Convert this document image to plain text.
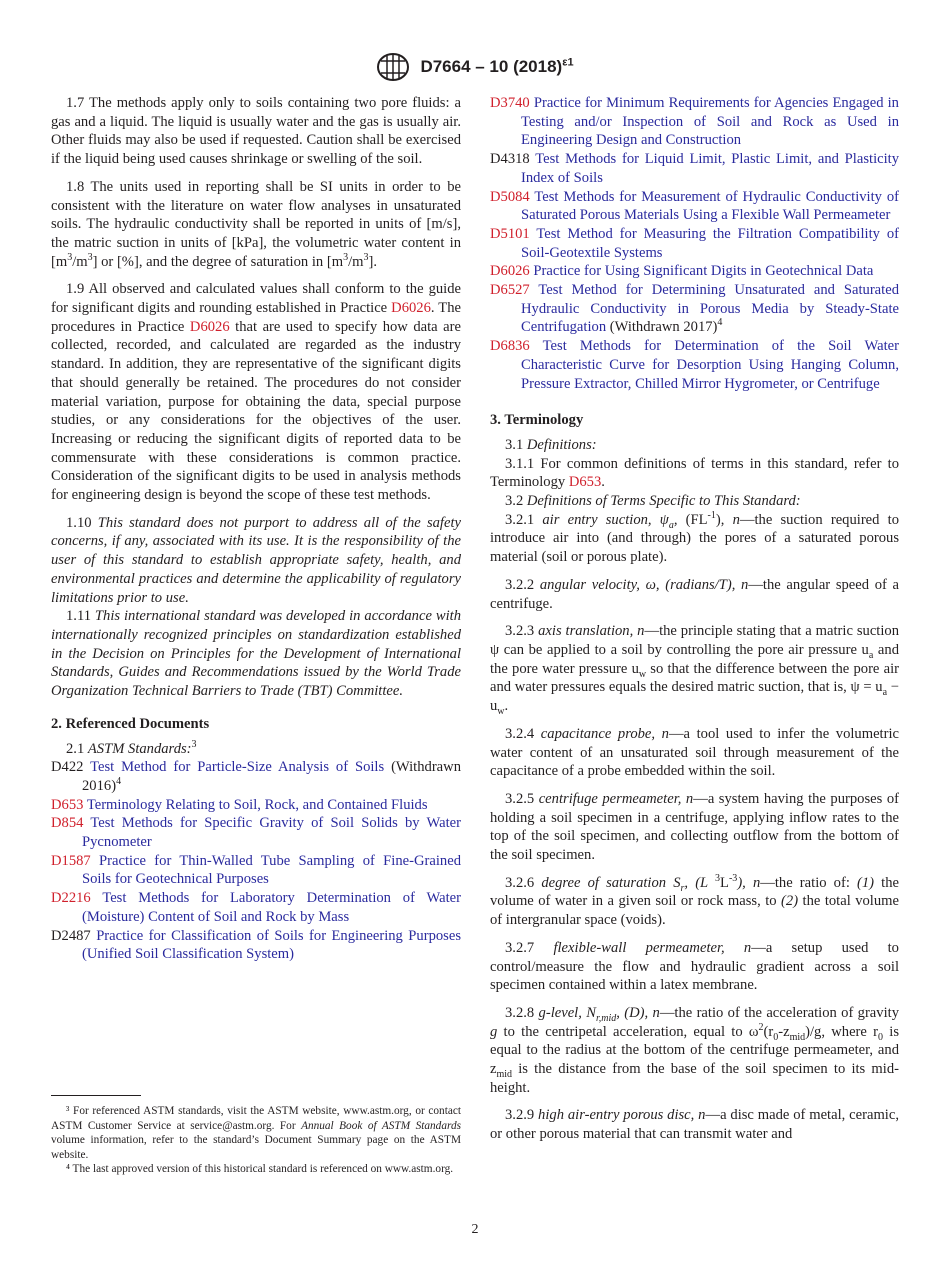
D7664 – 10 $(2018)^{\varepsilon 1}$

1.7 The methods apply only to soils containing two pore fluids: a gas and a liquid. The liquid is usually water and the gas is usually air. Other fluids may also be used if requested. Caution shall be exercised if the liquid being used causes shrinkage or swelling of the soil.

1.8 The units used in reporting shall be SI units in order to be consistent with the literature on water flow analyses in unsaturated soils. The hydraulic conductivity shall be reported in units of [m/s], the matric suction in units of [kPa], the volumetric water content in $[m^3/m^3]$ or [%], and the degree of saturation in $[m^3/m^3]$.

1.9 All observed and calculated values shall conform to the guide for significant digits and rounding established in Practice D6026. The procedures in Practice D6026 that are used to specify how data are collected, recorded, and calculated are regarded as the industry standard. In addition, they are representative of the significant digits that should generally be retained. The procedures do not consider material variation, purpose for obtaining the data, special purpose studies, or any considerations for the objectives of the user. Increasing or reducing the significant digits of reported data to be commensurate with these considerations is common practice. Consideration of the significant digits to be used in analysis methods for engineering design is beyond the scope of these test methods.

1.10 This standard does not purport to address all of the safety concerns, if any, associated with its use. It is the responsibility of the user of this standard to establish appropriate safety, health, and environmental practices and determine the applicability of regulatory limitations prior to use.

1.11 This international standard was developed in accordance with internationally recognized principles on standardization established in the Decision on Principles for the Development of International Standards, Guides and Recommendations issued by the World Trade Organization Technical Barriers to Trade (TBT) Committee.

2. Referenced Documents

2.1 ASTM Standards:$^3$

D422 Test Method for Particle-Size Analysis of Soils (Withdrawn 2016)$^4$

D653 Terminology Relating to Soil, Rock, and Contained Fluids

D854 Test Methods for Specific Gravity of Soil Solids by Water Pycnometer

D1587 Practice for Thin-Walled Tube Sampling of Fine-Grained Soils for Geotechnical Purposes

D2216 Test Methods for Laboratory Determination of Water (Moisture) Content of Soil and Rock by Mass

D2487 Practice for Classification of Soils for Engineering Purposes (Unified Soil Classification System)

³ For referenced ASTM standards, visit the ASTM website, www.astm.org, or contact ASTM Customer Service at service@astm.org. For Annual Book of ASTM Standards volume information, refer to the standard’s Document Summary page on the ASTM website.

⁴ The last approved version of this historical standard is referenced on www.astm.org.

D3740 Practice for Minimum Requirements for Agencies Engaged in Testing and/or Inspection of Soil and Rock as Used in Engineering Design and Construction

D4318 Test Methods for Liquid Limit, Plastic Limit, and Plasticity Index of Soils

D5084 Test Methods for Measurement of Hydraulic Conductivity of Saturated Porous Materials Using a Flexible Wall Permeameter

D5101 Test Method for Measuring the Filtration Compatibility of Soil-Geotextile Systems

D6026 Practice for Using Significant Digits in Geotechnical Data

D6527 Test Method for Determining Unsaturated and Saturated Hydraulic Conductivity in Porous Media by Steady-State Centrifugation (Withdrawn 2017)$^4$

D6836 Test Methods for Determination of the Soil Water Characteristic Curve for Desorption Using Hanging Column, Pressure Extractor, Chilled Mirror Hygrometer, or Centrifuge

3. Terminology

3.1 Definitions:

3.1.1 For common definitions of terms in this standard, refer to Terminology D653.

3.2 Definitions of Terms Specific to This Standard:

3.2.1 air entry suction, $\psi_a$, $(FL^{-1})$, n—the suction required to introduce air into (and through) the pores of a saturated porous material (soil or porous plate).

3.2.2 angular velocity, ω, (radians/T), n—the angular speed of a centrifuge.

3.2.3 axis translation, n—the principle stating that a matric suction ψ can be applied to a soil by controlling the pore air pressure $u_a$ and the pore water pressure $u_w$ so that the difference between the pore air and water pressures equals the desired matric suction, that is, $\psi = u_a - u_w$.

3.2.4 capacitance probe, n—a tool used to infer the volumetric water content of an unsaturated soil through measurement of the capacitance of a probe embedded within the soil.

3.2.5 centrifuge permeameter, n—a system having the purposes of holding a soil specimen in a centrifuge, applying inflow rates to the top of the soil specimen, and collecting outflow from the bottom of the soil specimen.

3.2.6 degree of saturation $S_r$, (L $^3L^{-3}$), n—the ratio of: (1) the volume of water in a given soil or rock mass, to (2) the total volume of intergranular space (voids).

3.2.7 flexible-wall permeameter, n—a setup used to control/measure the flow and hydraulic gradient across a soil specimen contained within a latex membrane.

3.2.8 g-level, $N_{r,mid}$, (D), n—the ratio of the acceleration of gravity g to the centripetal acceleration, equal to $\omega^2(r_0-z_{mid})/g$, where $r_0$ is equal to the radius at the bottom of the centrifuge permeameter, and $z_{mid}$ is the distance from the base of the soil specimen to its mid-height.

3.2.9 high air-entry porous disc, n—a disc made of metal, ceramic, or other porous material that can transmit water and

2
